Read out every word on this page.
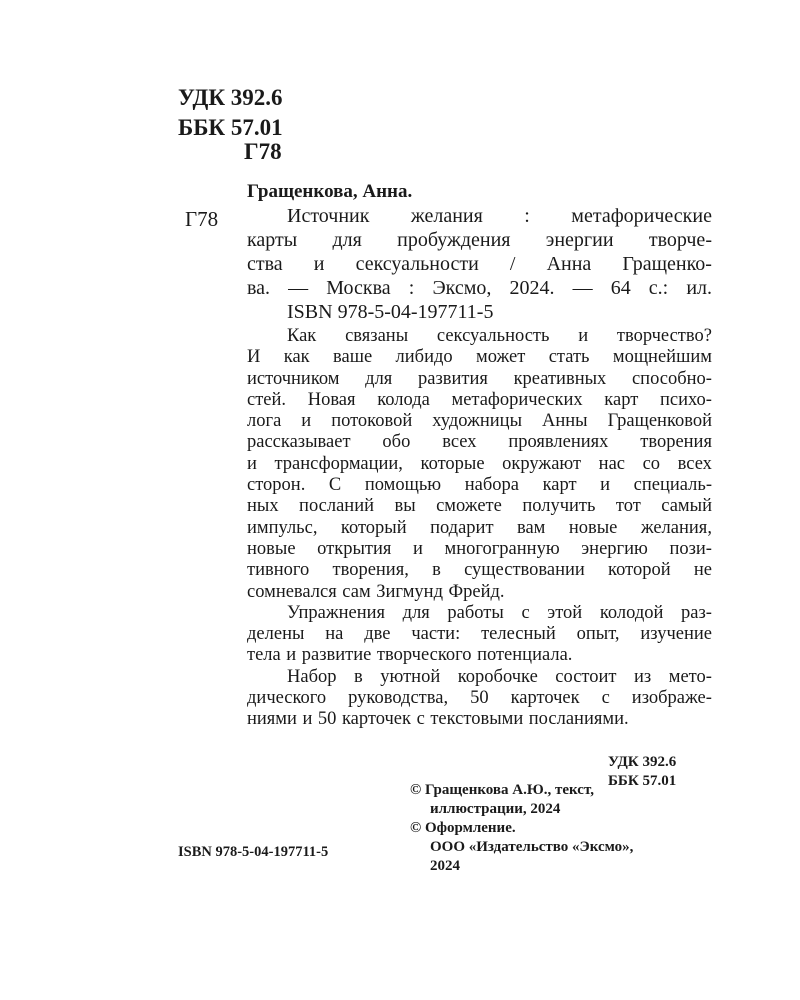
УДК 392.6
ББК 57.01
Г78
Гращенкова, Анна.
Г78	Источник желания : метафорические
карты для пробуждения энергии творче-
ства и сексуальности / Анна Гращенко-
ва. — Москва : Эксмо, 2024. — 64 с.: ил.
ISBN 978-5-04-197711-5
Как связаны сексуальность и творчество?
И как ваше либидо может стать мощнейшим
источником для развития креативных способно-
стей. Новая колода метафорических карт психо-
лога и потоковой художницы Анны Гращенковой
рассказывает обо всех проявлениях творения
и трансформации, которые окружают нас со всех
сторон. С помощью набора карт и специаль-
ных посланий вы сможете получить тот самый
импульс, который подарит вам новые желания,
новые открытия и многогранную энергию пози-
тивного творения, в существовании которой не
сомневался сам Зигмунд Фрейд.
Упражнения для работы с этой колодой раз-
делены на две части: телесный опыт, изучение
тела и развитие творческого потенциала.
Набор в уютной коробочке состоит из мето-
дического руководства, 50 карточек с изображе-
ниями и 50 карточек с текстовыми посланиями.
УДК 392.6
ББК 57.01
© Гращенкова А.Ю., текст,
иллюстрации, 2024
© Оформление.
ООО «Издательство «Эксмо»,
2024
ISBN 978-5-04-197711-5
